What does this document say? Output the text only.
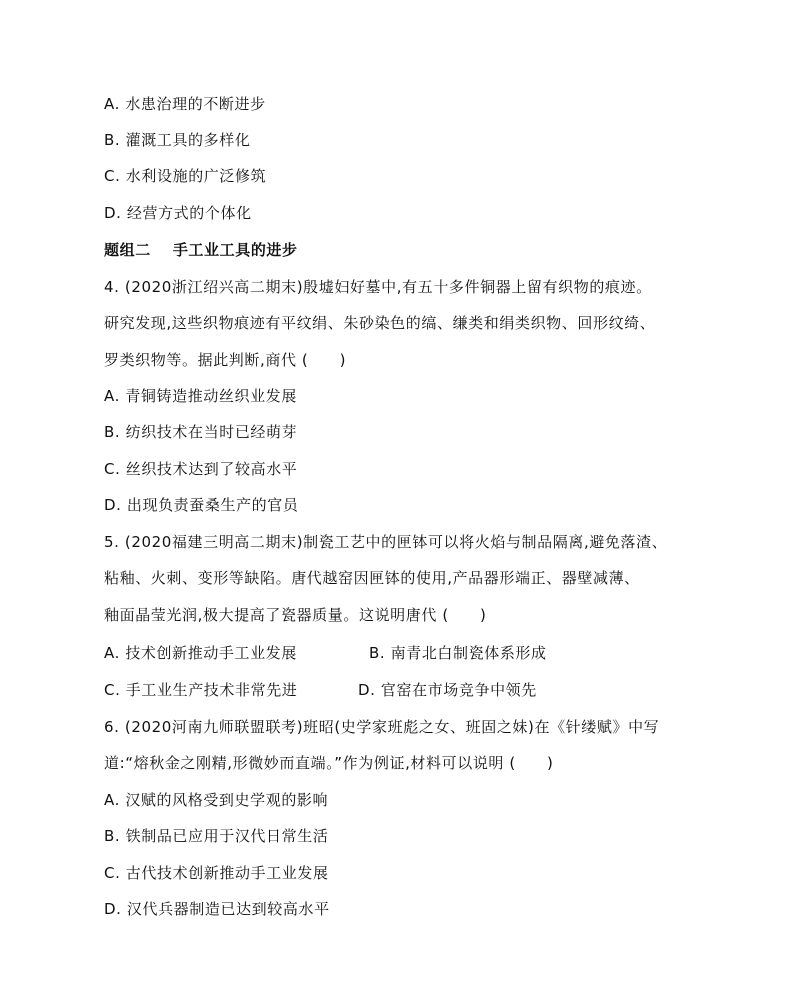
A. 水患治理的不断进步
B. 灌溉工具的多样化
C. 水利设施的广泛修筑
D. 经营方式的个体化
题组二 手工业工具的进步
4. (2020浙江绍兴高二期末)殷墟妇好墓中,有五十多件铜器上留有织物的痕迹。
研究发现,这些织物痕迹有平纹绢、朱砂染色的缟、缣类和绢类织物、回形纹绮、
罗类织物等。据此判断,商代 (　　)
A. 青铜铸造推动丝织业发展
B. 纺织技术在当时已经萌芽
C. 丝织技术达到了较高水平
D. 出现负责蚕桑生产的官员
5. (2020福建三明高二期末)制瓷工艺中的匣钵可以将火焰与制品隔离,避免落渣、
粘釉、火刺、变形等缺陷。唐代越窑因匣钵的使用,产品器形端正、器壁减薄、
釉面晶莹光润,极大提高了瓷器质量。这说明唐代 (　　)
A. 技术创新推动手工业发展	B. 南青北白制瓷体系形成
C. 手工业生产技术非常先进	D. 官窑在市场竞争中领先
6. (2020河南九师联盟联考)班昭(史学家班彪之女、班固之妹)在《针缕赋》中写
道:“熔秋金之刚精,形微妙而直端。”作为例证,材料可以说明 (　　)
A. 汉赋的风格受到史学观的影响
B. 铁制品已应用于汉代日常生活
C. 古代技术创新推动手工业发展
D. 汉代兵器制造已达到较高水平
